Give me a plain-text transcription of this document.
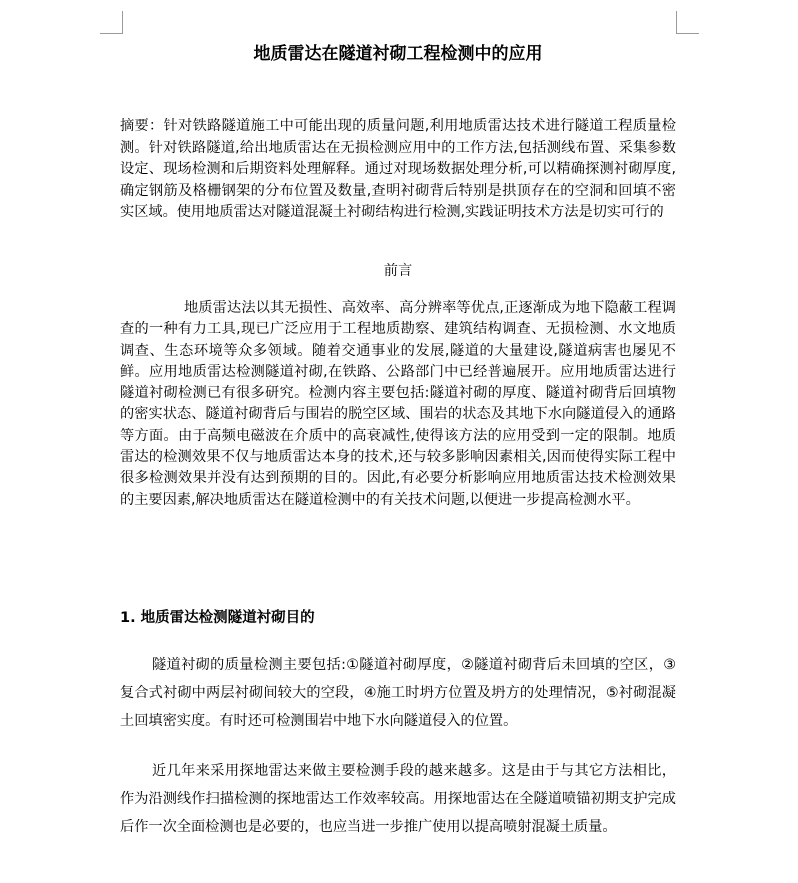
地质雷达在隧道衬砌工程检测中的应用

摘要：针对铁路隧道施工中可能出现的质量问题,利用地质雷达技术进行隧道工程质量检测。针对铁路隧道,给出地质雷达在无损检测应用中的工作方法,包括测线布置、采集参数设定、现场检测和后期资料处理解释。通过对现场数据处理分析,可以精确探测衬砌厚度,确定钢筋及格栅钢架的分布位置及数量,查明衬砌背后特别是拱顶存在的空洞和回填不密实区域。使用地质雷达对隧道混凝土衬砌结构进行检测,实践证明技术方法是切实可行的

前言

地质雷达法以其无损性、高效率、高分辨率等优点,正逐渐成为地下隐蔽工程调查的一种有力工具,现已广泛应用于工程地质勘察、建筑结构调查、无损检测、水文地质调查、生态环境等众多领域。随着交通事业的发展,隧道的大量建设,隧道病害也屡见不鲜。应用地质雷达检测隧道衬砌,在铁路、公路部门中已经普遍展开。应用地质雷达进行隧道衬砌检测已有很多研究。检测内容主要包括:隧道衬砌的厚度、隧道衬砌背后回填物的密实状态、隧道衬砌背后与围岩的脱空区域、围岩的状态及其地下水向隧道侵入的通路等方面。由于高频电磁波在介质中的高衰减性,使得该方法的应用受到一定的限制。地质雷达的检测效果不仅与地质雷达本身的技术,还与较多影响因素相关,因而使得实际工程中很多检测效果并没有达到预期的目的。因此,有必要分析影响应用地质雷达技术检测效果的主要因素,解决地质雷达在隧道检测中的有关技术问题,以便进一步提高检测水平。

1. 地质雷达检测隧道衬砌目的

隧道衬砌的质量检测主要包括:①隧道衬砌厚度，②隧道衬砌背后未回填的空区，③复合式衬砌中两层衬砌间较大的空段，④施工时坍方位置及坍方的处理情况，⑤衬砌混凝土回填密实度。有时还可检测围岩中地下水向隧道侵入的位置。

近几年来采用探地雷达来做主要检测手段的越来越多。这是由于与其它方法相比，作为沿测线作扫描检测的探地雷达工作效率较高。用探地雷达在全隧道喷锚初期支护完成后作一次全面检测也是必要的，也应当进一步推广使用以提高喷射混凝土质量。
